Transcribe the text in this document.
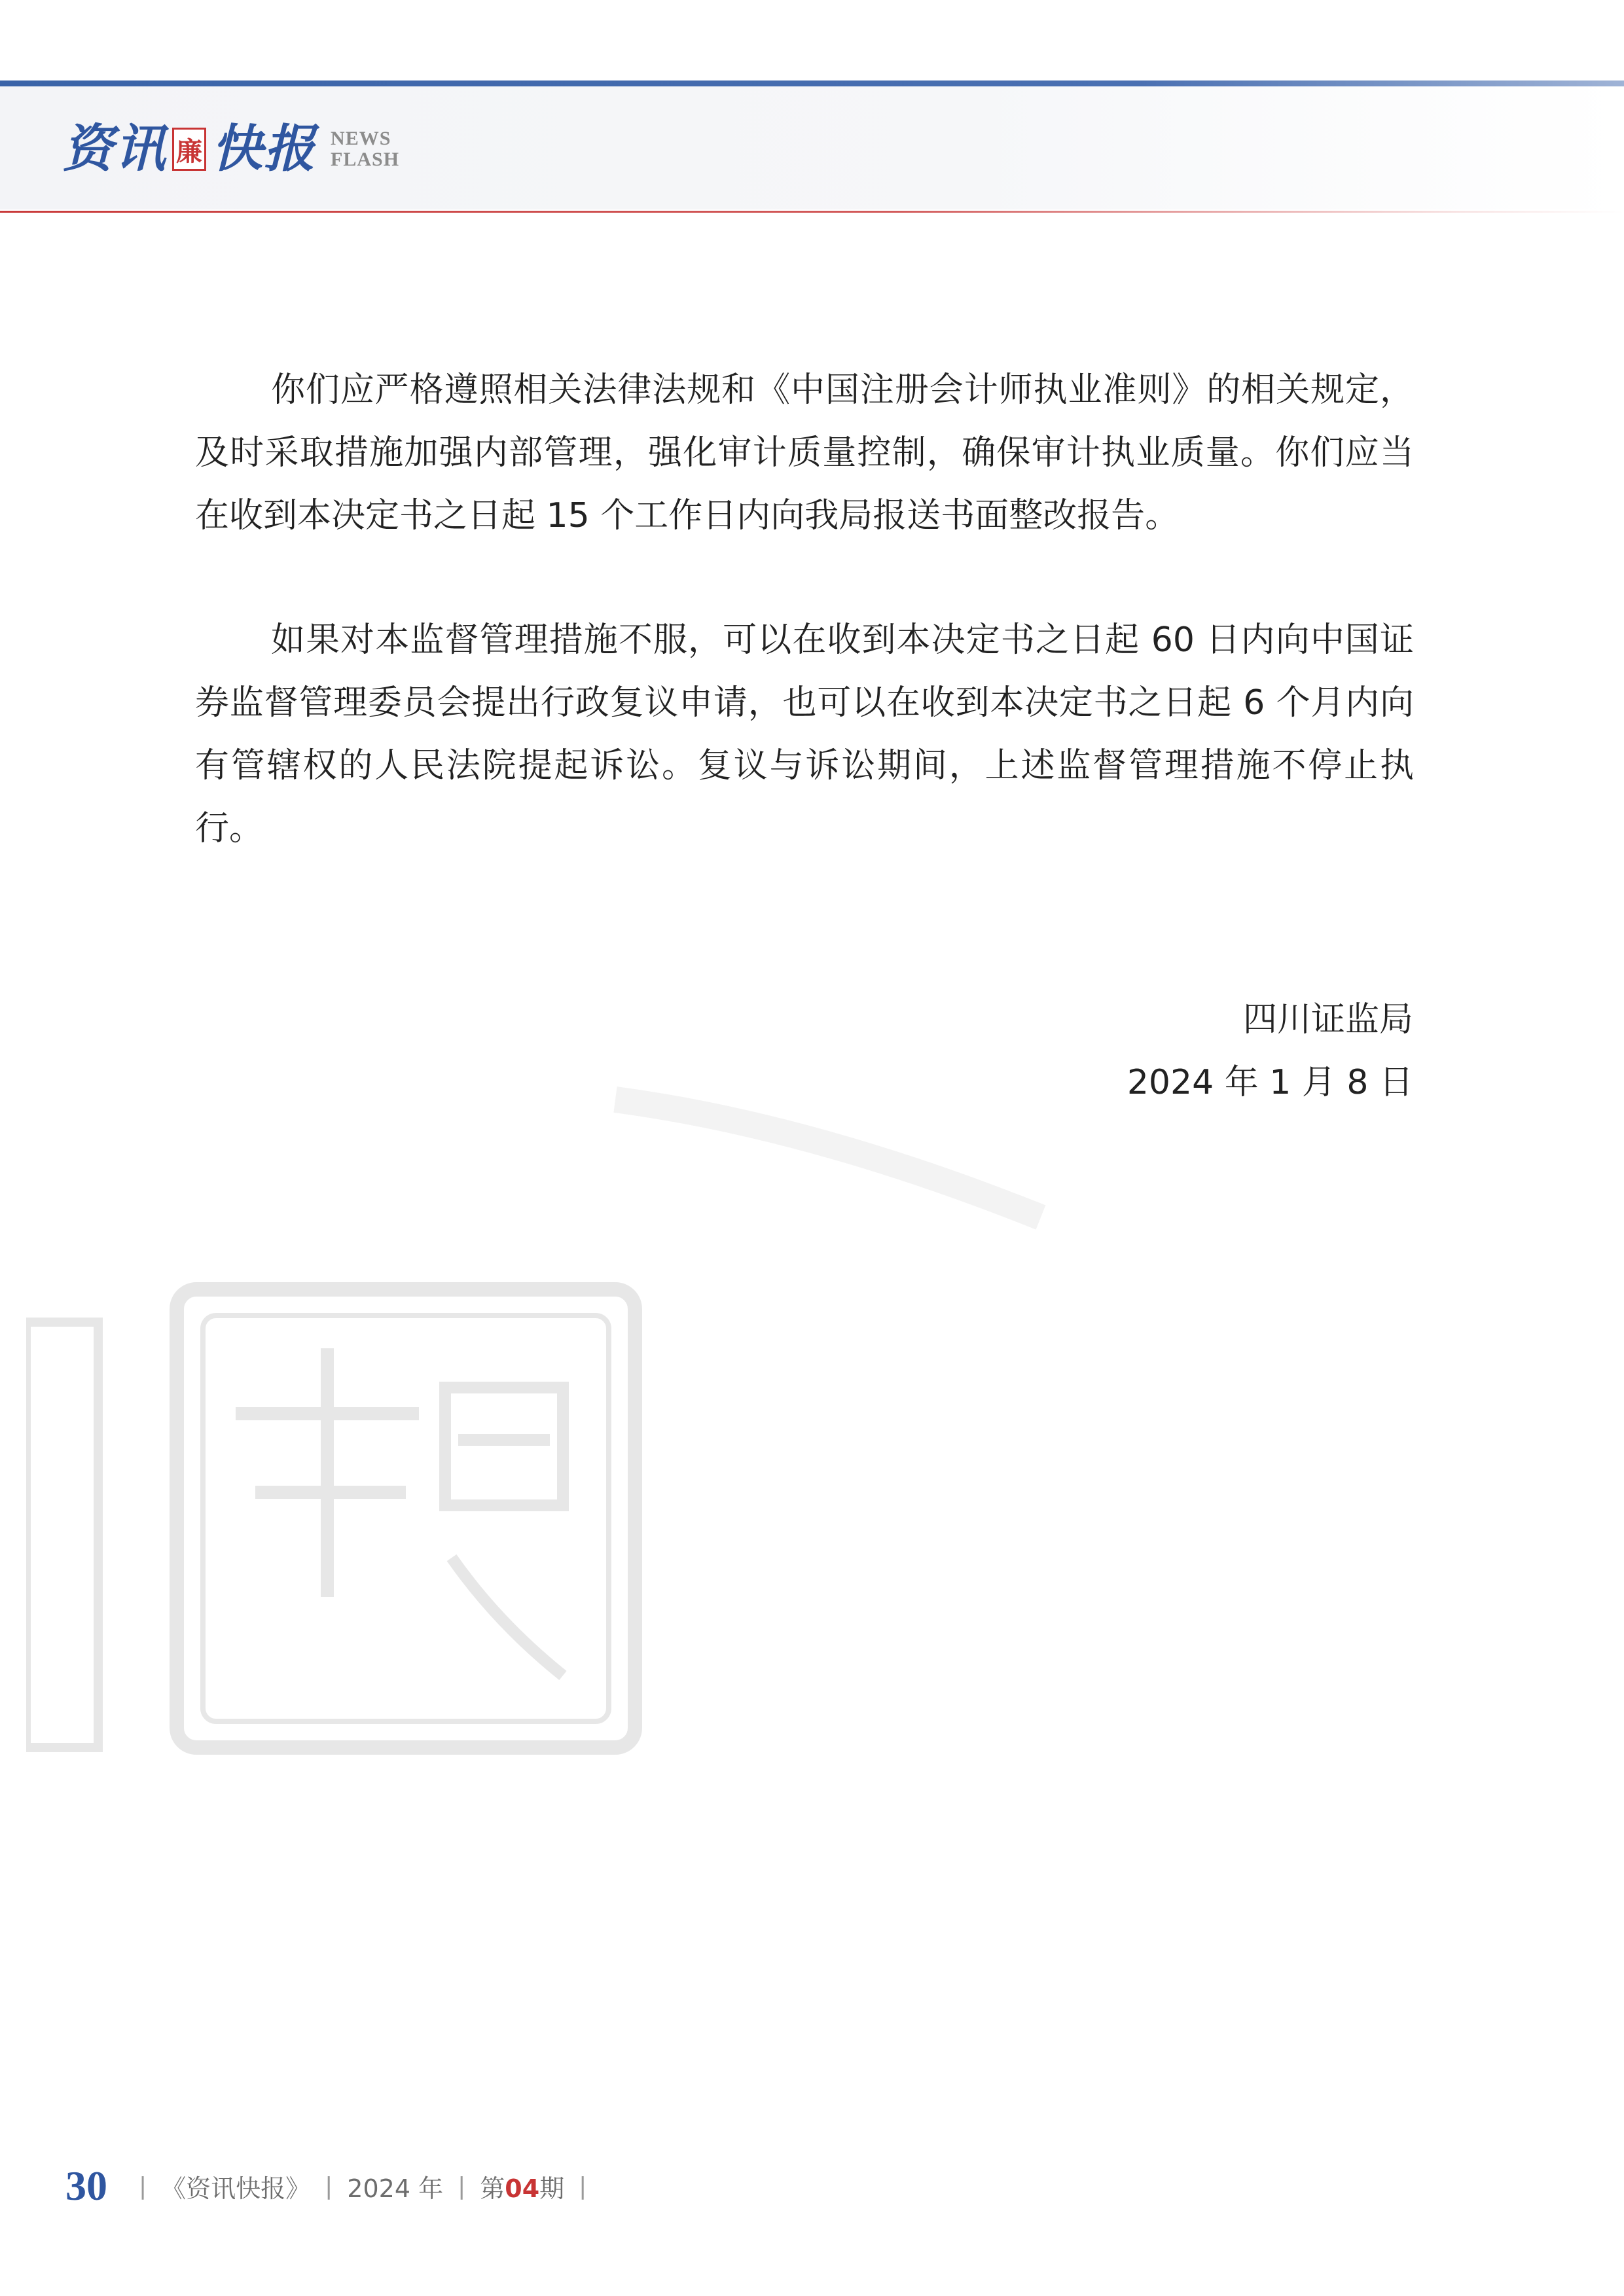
资讯 廉 快报 NEWS
FLASH

你们应严格遵照相关法律法规和《中国注册会计师执业准则》的相关规定，及时采取措施加强内部管理，强化审计质量控制，确保审计执业质量。你们应当在收到本决定书之日起 15 个工作日内向我局报送书面整改报告。

如果对本监督管理措施不服，可以在收到本决定书之日起 60 日内向中国证券监督管理委员会提出行政复议申请，也可以在收到本决定书之日起 6 个月内向有管辖权的人民法院提起诉讼。复议与诉讼期间，上述监督管理措施不停止执行。

四川证监局
2024 年 1 月 8 日
30 | 《资讯快报》 | 2024 年 | 第04期 |
